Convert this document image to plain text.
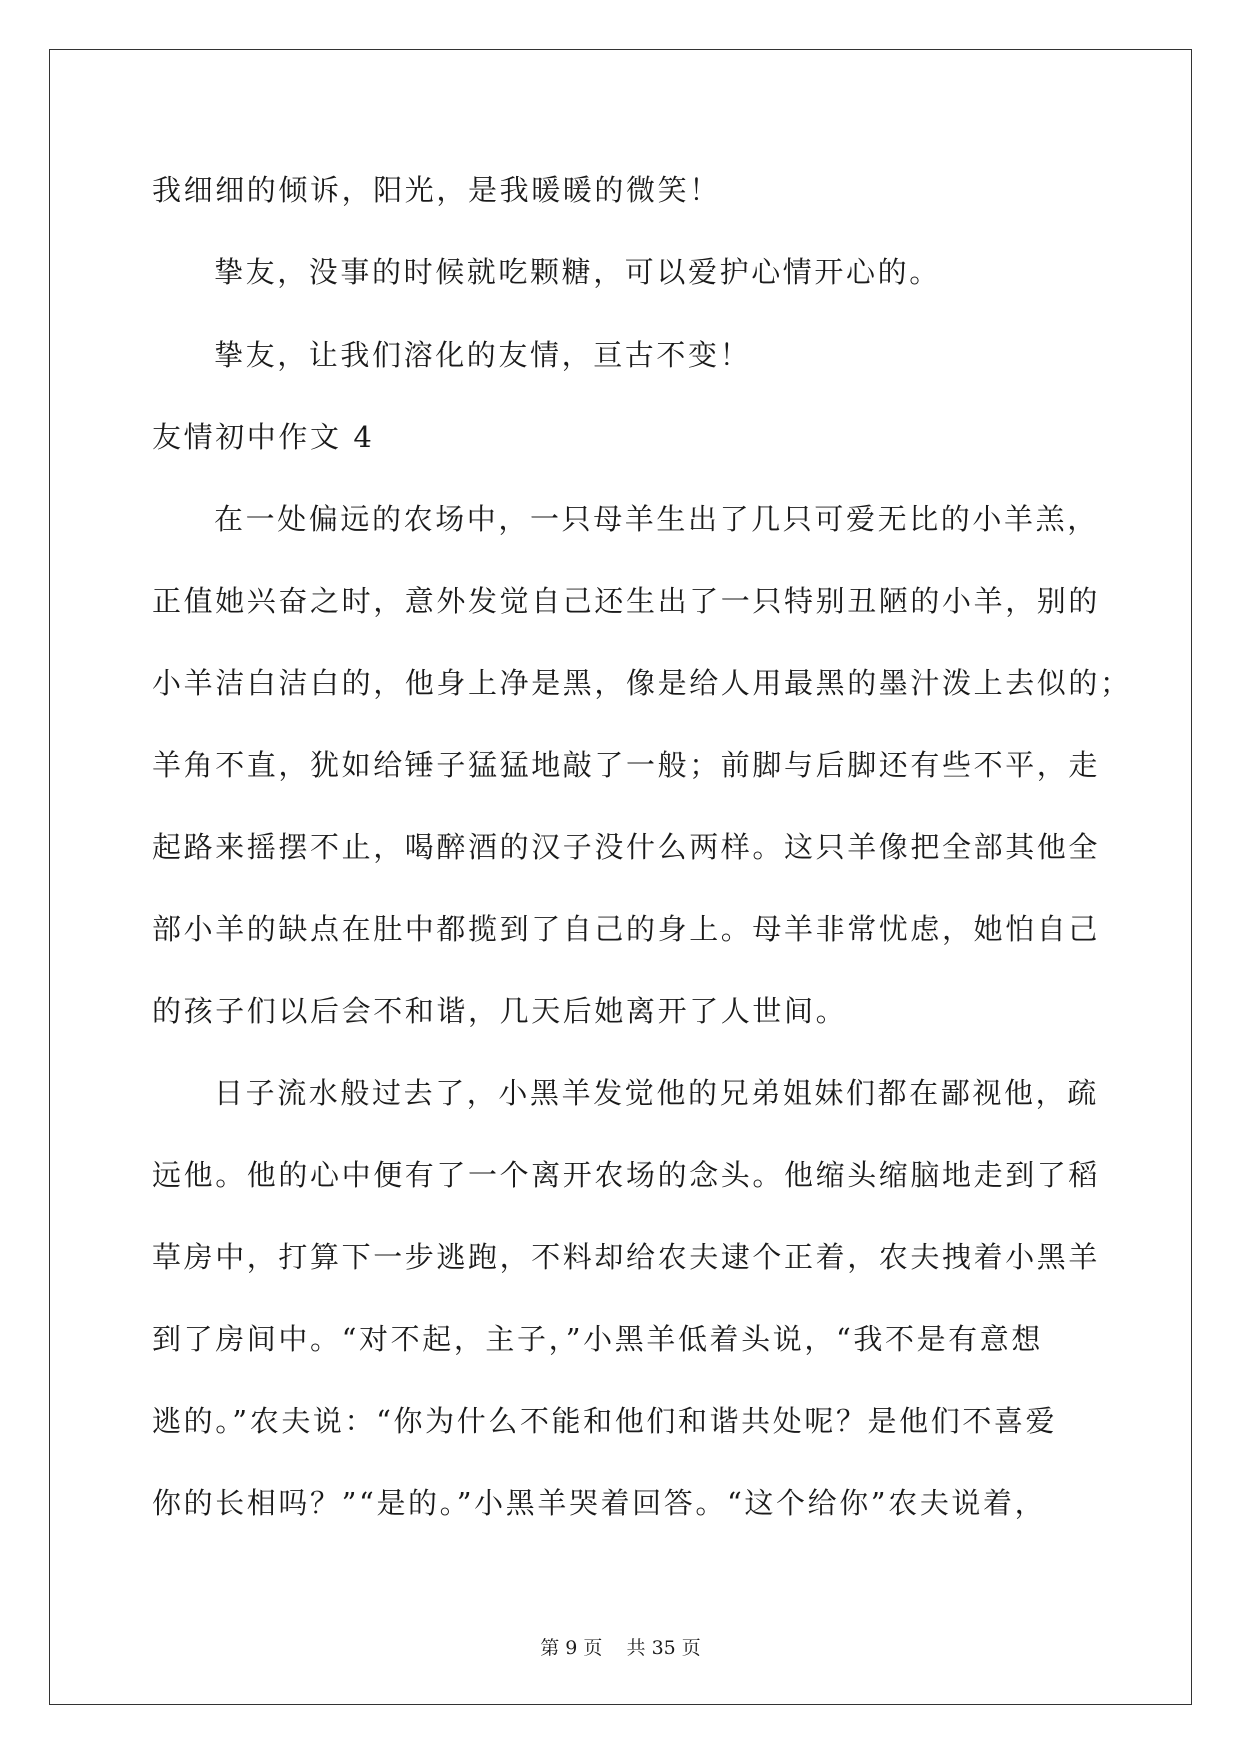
我细细的倾诉，阳光，是我暖暖的微笑！
挚友，没事的时候就吃颗糖，可以爱护心情开心的。
挚友，让我们溶化的友情，亘古不变！
友情初中作文 4
在一处偏远的农场中，一只母羊生出了几只可爱无比的小羊羔，
正值她兴奋之时，意外发觉自己还生出了一只特别丑陋的小羊，别的
小羊洁白洁白的，他身上净是黑，像是给人用最黑的墨汁泼上去似的；
羊角不直，犹如给锤子猛猛地敲了一般；前脚与后脚还有些不平，走
起路来摇摆不止，喝醉酒的汉子没什么两样。这只羊像把全部其他全
部小羊的缺点在肚中都揽到了自己的身上。母羊非常忧虑，她怕自己
的孩子们以后会不和谐，几天后她离开了人世间。
日子流水般过去了，小黑羊发觉他的兄弟姐妹们都在鄙视他，疏
远他。他的心中便有了一个离开农场的念头。他缩头缩脑地走到了稻
草房中，打算下一步逃跑，不料却给农夫逮个正着，农夫拽着小黑羊
到了房间中。“对不起，主子，”小黑羊低着头说，“我不是有意想
逃的。”农夫说：“你为什么不能和他们和谐共处呢？是他们不喜爱
你的长相吗？”“是的。”小黑羊哭着回答。“这个给你”农夫说着，
第 9 页 共 35 页
